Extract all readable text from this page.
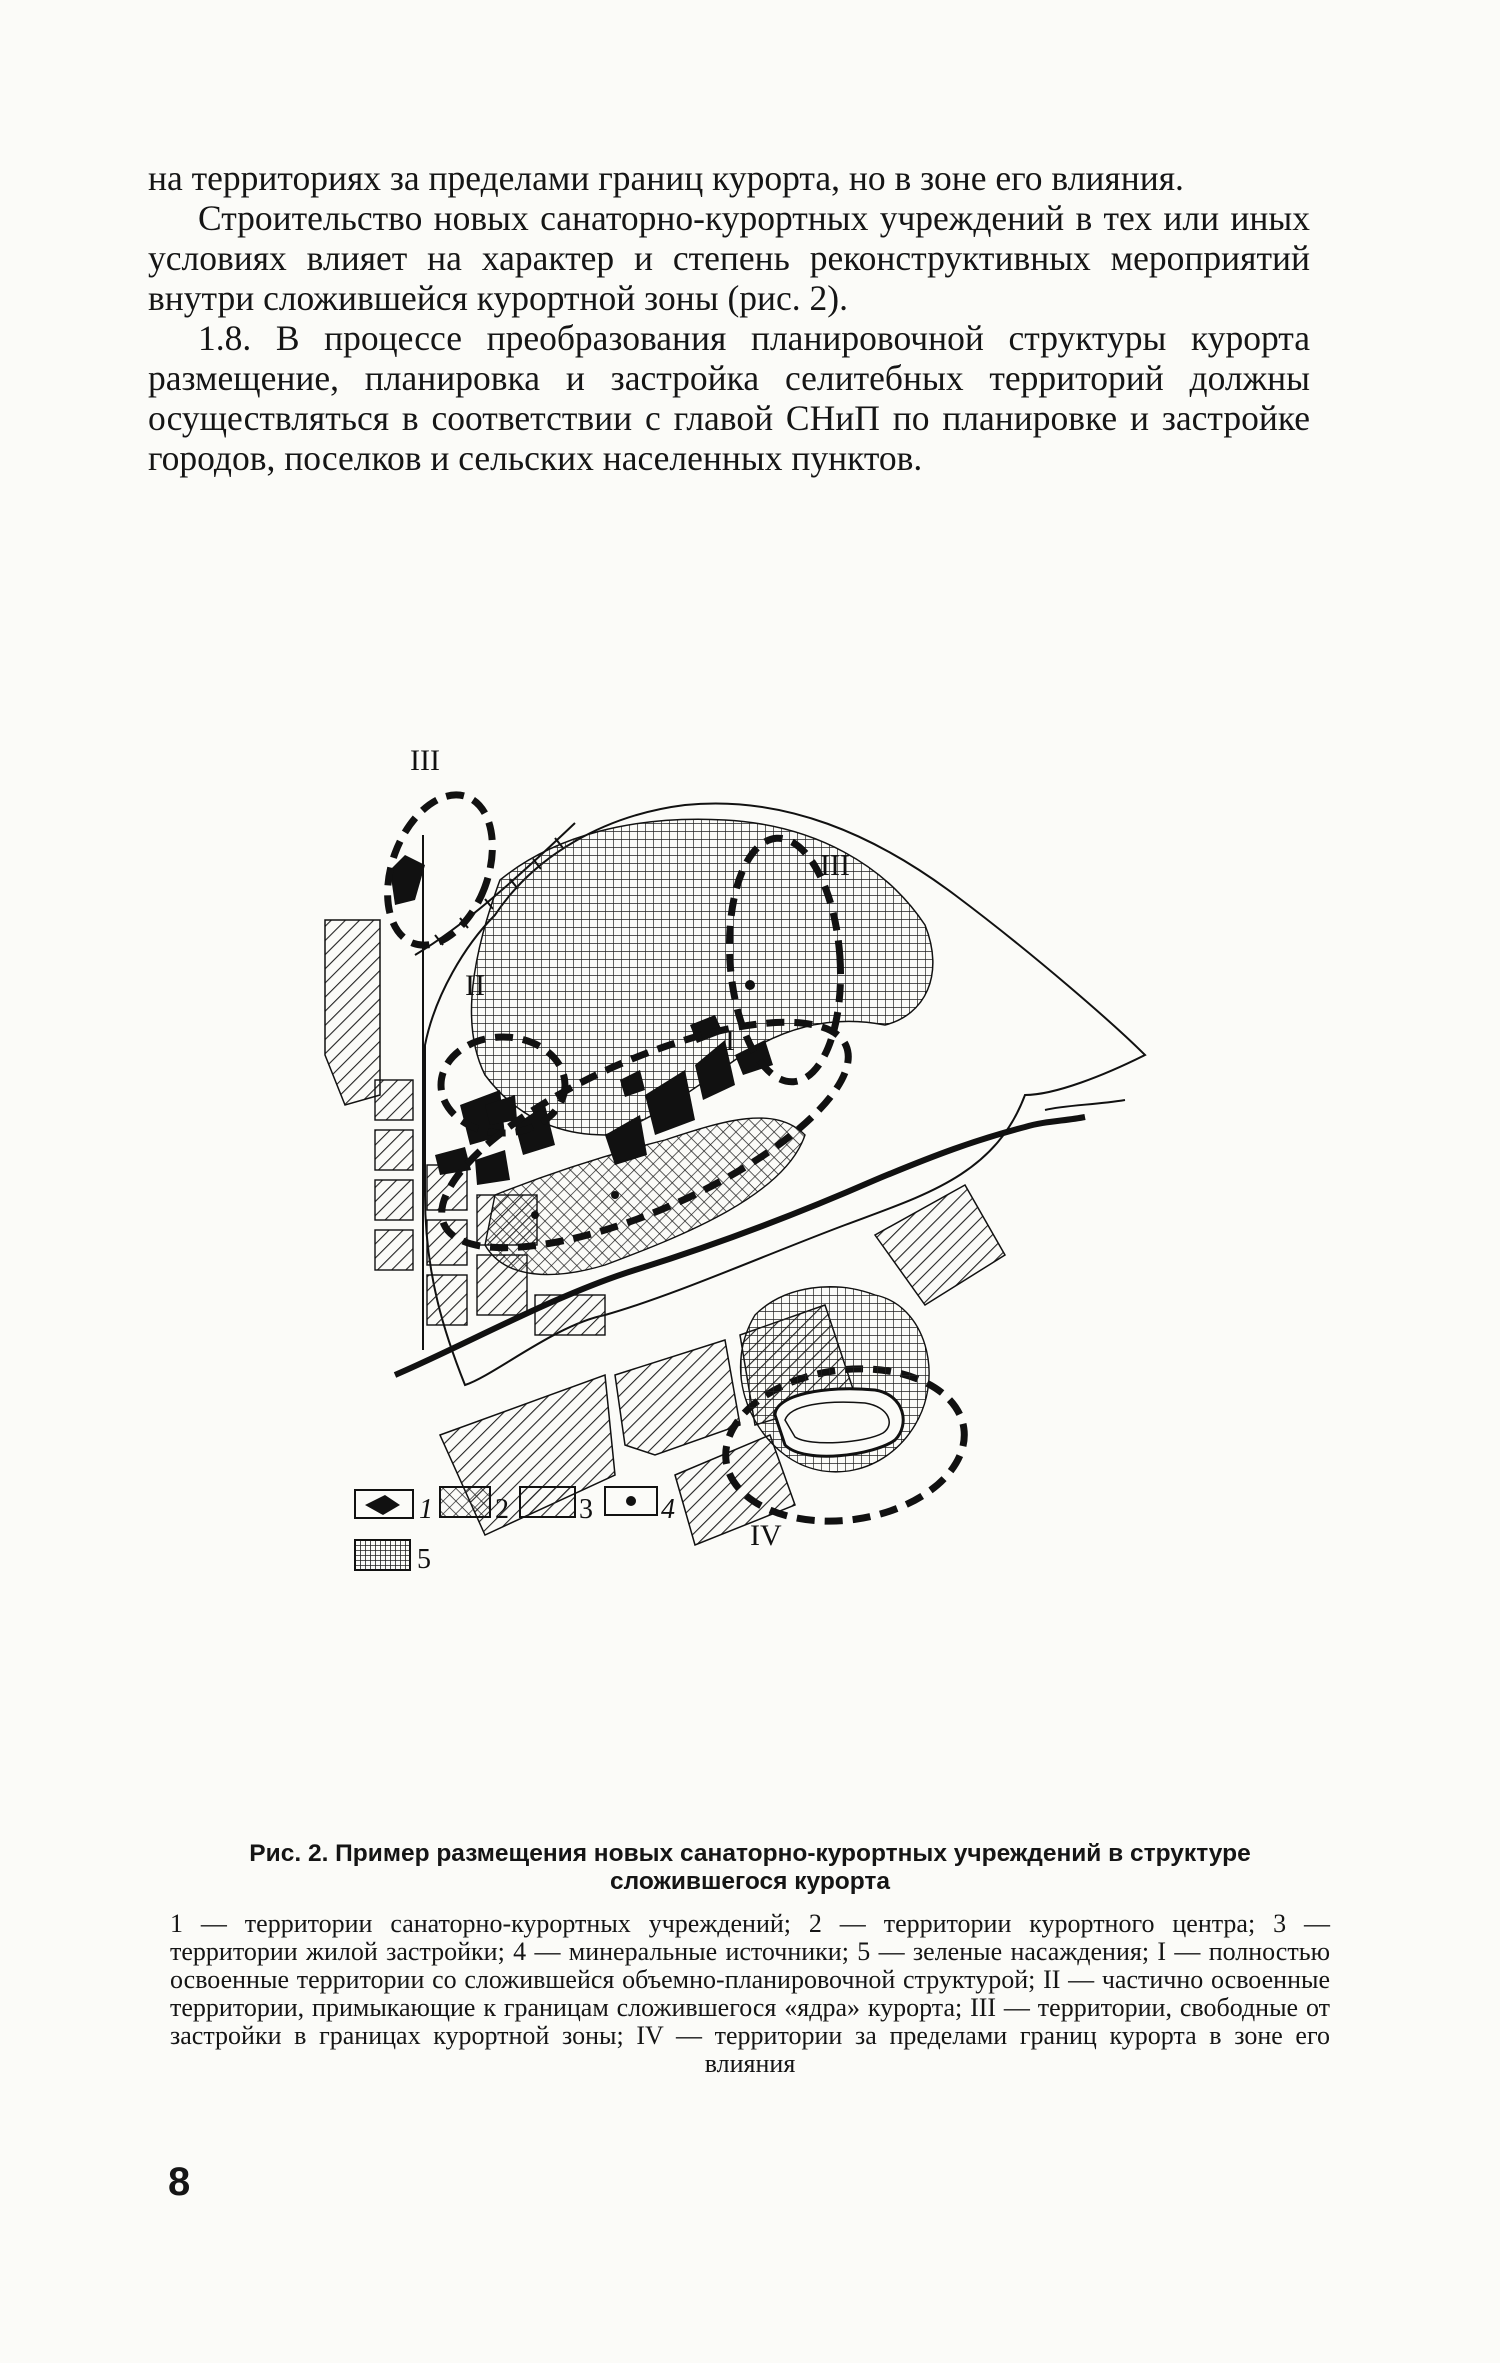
на территориях за пределами границ курорта, но в зоне его влияния.

Строительство новых санаторно-курортных учреждений в тех или иных условиях влияет на характер и степень реконструктивных мероприятий внутри сложившейся курортной зоны (рис. 2).

1.8. В процессе преобразования планировочной структуры курорта размещение, планировка и застройка селитебных территорий должны осуществляться в соответствии с главой СНиП по планировке и застройке городов, поселков и сельских населенных пунктов.

III
III
II
I
IV
1 2	3 4
5

Рис. 2. Пример размещения новых санаторно-курортных учреждений в структуре сложившегося курорта

1 — территории санаторно-курортных учреждений; 2 — территории курортного центра; 3 — территории жилой застройки; 4 — минеральные источники; 5 — зеленые насаждения; I — полностью освоенные территории со сложившейся объемно-планировочной структурой; II — частично освоенные территории, примыкающие к границам сложившегося «ядра» курорта; III — территории, свободные от застройки в границах курортной зоны; IV — территории за пределами границ курорта в зоне его влияния

8
